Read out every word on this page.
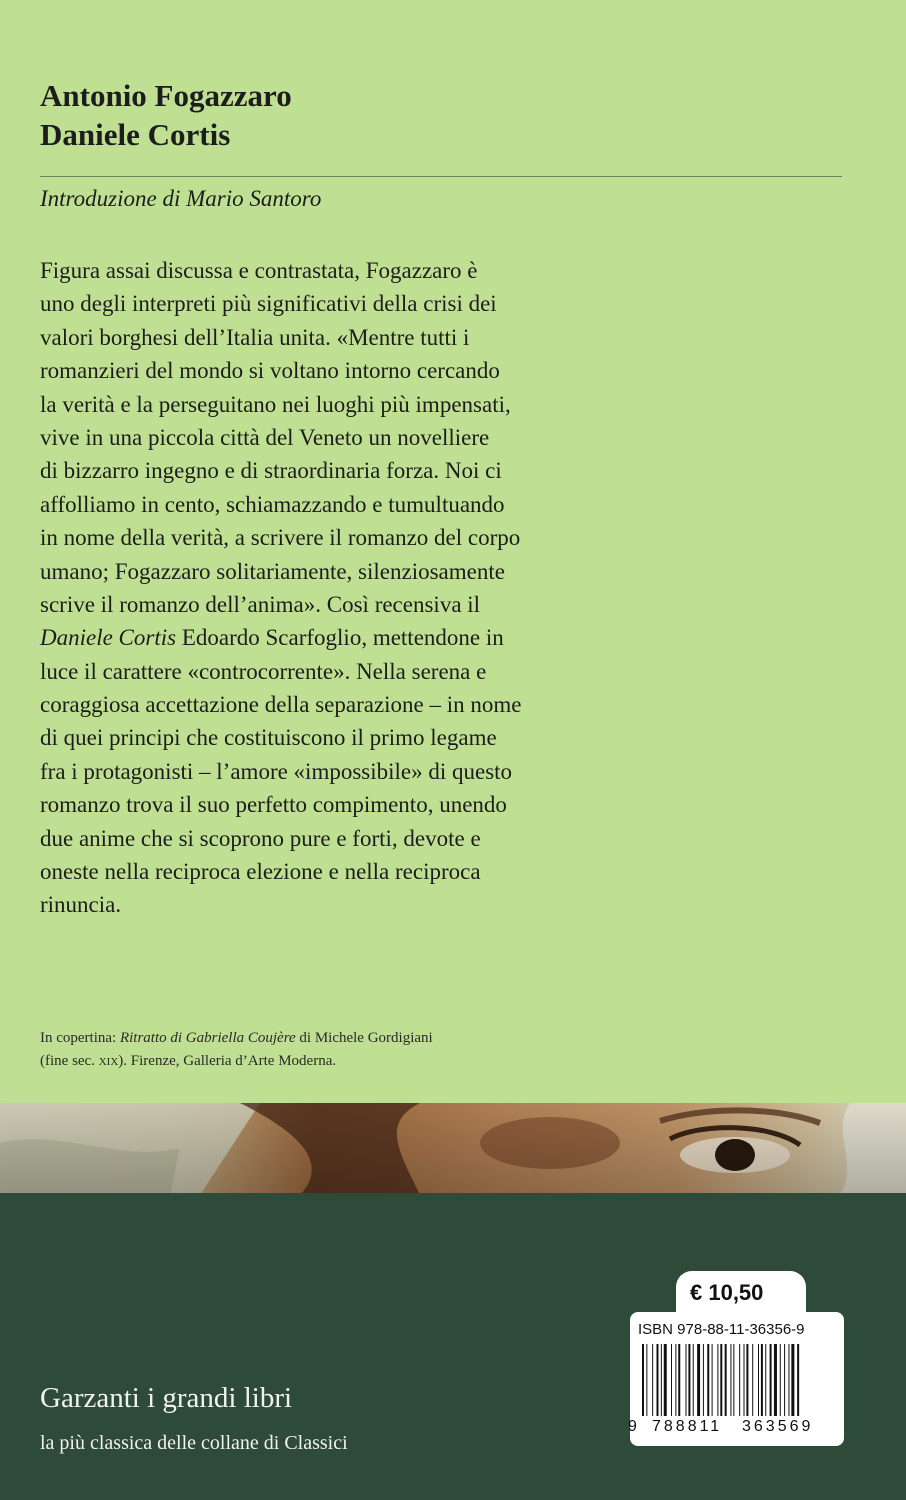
Antonio Fogazzaro
Daniele Cortis
Introduzione di Mario Santoro
Figura assai discussa e contrastata, Fogazzaro è
uno degli interpreti più significativi della crisi dei
valori borghesi dell’Italia unita. «Mentre tutti i
romanzieri del mondo si voltano intorno cercando
la verità e la perseguitano nei luoghi più impensati,
vive in una piccola città del Veneto un novelliere
di bizzarro ingegno e di straordinaria forza. Noi ci
affolliamo in cento, schiamazzando e tumultuando
in nome della verità, a scrivere il romanzo del corpo
umano; Fogazzaro solitariamente, silenziosamente
scrive il romanzo dell’anima». Così recensiva il
Daniele Cortis Edoardo Scarfoglio, mettendone in
luce il carattere «controcorrente». Nella serena e
coraggiosa accettazione della separazione – in nome
di quei principi che costituiscono il primo legame
fra i protagonisti – l’amore «impossibile» di questo
romanzo trova il suo perfetto compimento, unendo
due anime che si scoprono pure e forti, devote e
oneste nella reciproca elezione e nella reciproca
rinuncia.
In copertina: Ritratto di Gabriella Coujère di Michele Gordigiani
(fine sec. XIX). Firenze, Galleria d’Arte Moderna.
Garzanti i grandi libri
la più classica delle collane di Classici
€ 10,50
ISBN 978-88-11-36356-9
9 788811 363569
